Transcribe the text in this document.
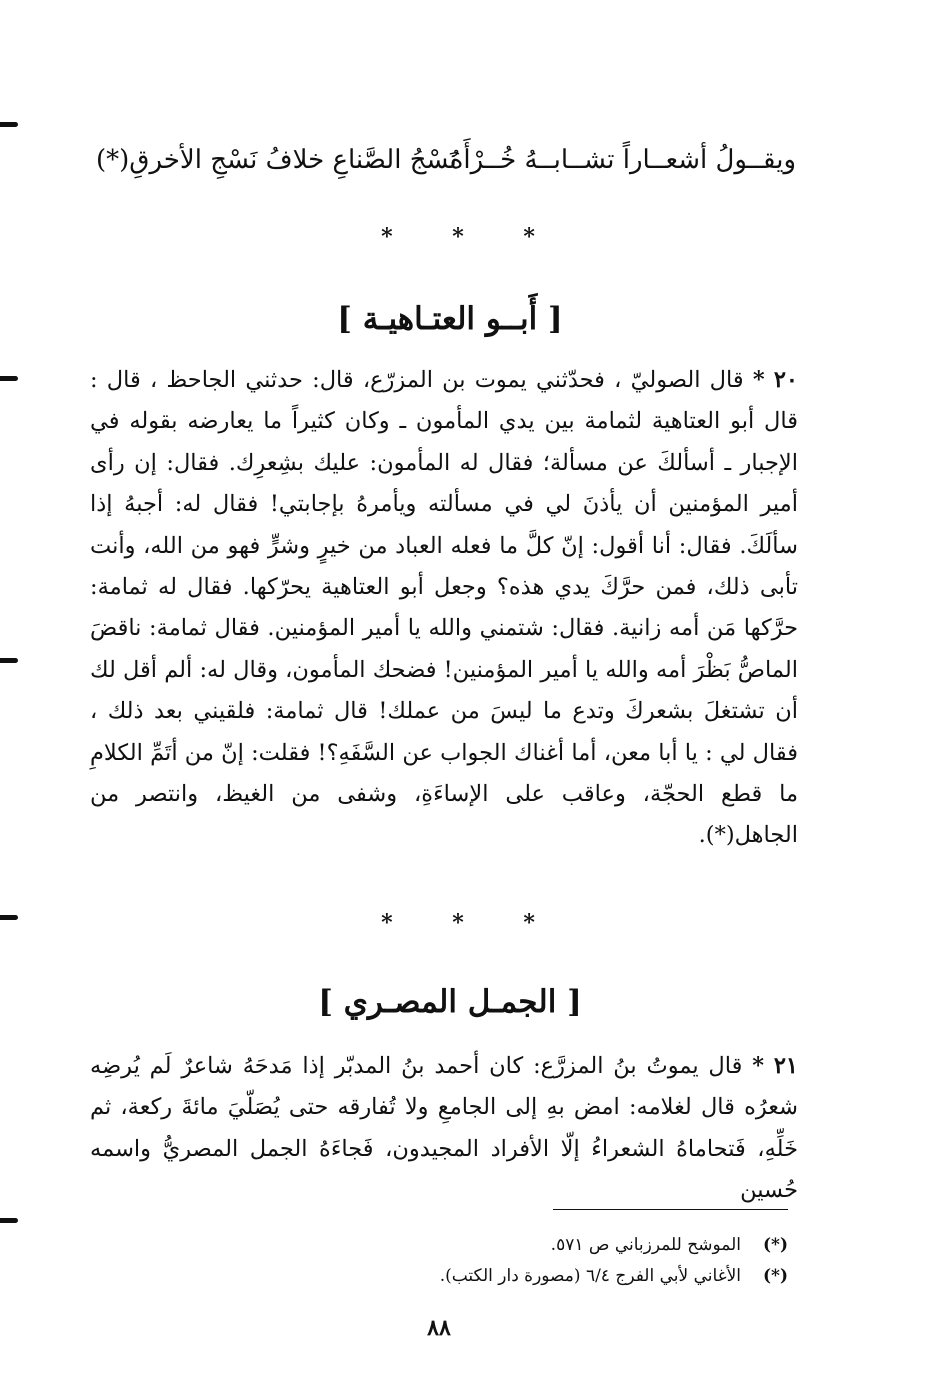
ويقــولُ أشعــاراً تشــابــهُ خُــرْأَهُ
نَسْجُ الصَّناعِ خلافُ نَسْجِ الأخرقِ(*)
* * *
[ أَبــو العتـاهيـة ]
٢٠ * قال الصوليّ ، فحدّثني يموت بن المزرّع، قال: حدثني الجاحظ ، قال : قال أبو العتاهية لثمامة بين يدي المأمون ـ وكان كثيراً ما يعارضه بقوله في الإجبار ـ أسألكَ عن مسألة؛ فقال له المأمون: عليك بشِعرِك. فقال: إن رأى أمير المؤمنين أن يأذنَ لي في مسألته ويأمرهُ بإجابتي! فقال له: أجبهُ إذا سألَكَ. فقال: أنا أقول: إنّ كلَّ ما فعله العباد من خيرٍ وشرٍّ فهو من الله، وأنت تأبى ذلك، فمن حرَّكَ يدي هذه؟ وجعل أبو العتاهية يحرّكها. فقال له ثمامة: حرَّكها مَن أمه زانية. فقال: شتمني والله يا أمير المؤمنين. فقال ثمامة: ناقضَ الماصُّ بَظْرَ أمه والله يا أمير المؤمنين! فضحك المأمون، وقال له: ألم أقل لك أن تشتغلَ بشعركَ وتدع ما ليسَ من عملك! قال ثمامة: فلقيني بعد ذلك ، فقال لي : يا أبا معن، أما أغناك الجواب عن السَّفَهِ؟! فقلت: إنّ من أتَمِّ الكلامِ ما قطع الحجّة، وعاقب على الإساءَةِ، وشفى من الغيظ، وانتصر من الجاهل(*).
* * *
[ الجمـل المصـري ]
٢١ * قال يموتُ بنُ المزرَّع: كان أحمد بنُ المدبّر إذا مَدحَهُ شاعرٌ لَم يُرضِه شعرُه قال لغلامه: امض بهِ إلى الجامعِ ولا تُفارقه حتى يُصَلّيَ مائةَ ركعة، ثم خَلِّهِ، فَتحاماهُ الشعراءُ إلّا الأفراد المجيدون، فَجاءَهُ الجمل المصريُّ واسمه حُسين
(*)الموشح للمرزباني ص ٥٧١.
(*)الأغاني لأبي الفرج ٦/٤ (مصورة دار الكتب).
٨٨
